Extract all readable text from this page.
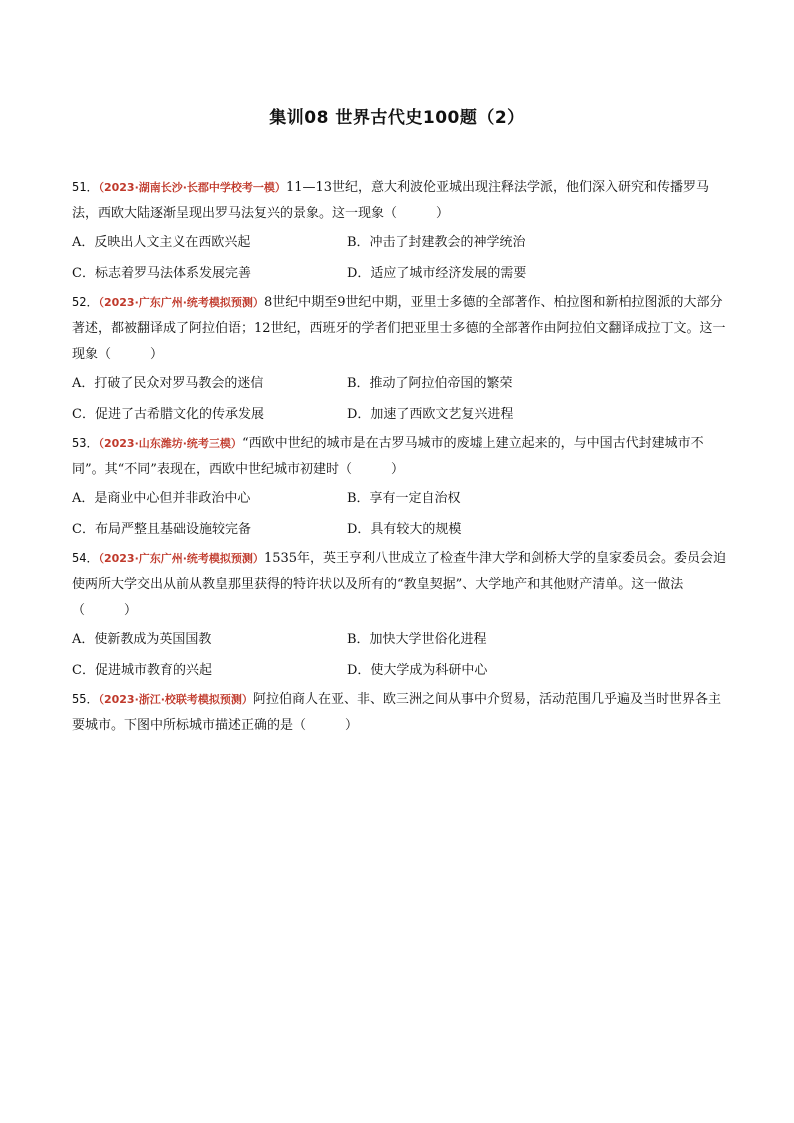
集训08 世界古代史100题（2）
51．（2023·湖南长沙·长郡中学校考一模）11—13世纪，意大利波伦亚城出现注释法学派，他们深入研究和传播罗马法，西欧大陆逐渐呈现出罗马法复兴的景象。这一现象（　　　）
A．反映出人文主义在西欧兴起	B．冲击了封建教会的神学统治
C．标志着罗马法体系发展完善	D．适应了城市经济发展的需要
52．（2023·广东广州·统考模拟预测）8世纪中期至9世纪中期，亚里士多德的全部著作、柏拉图和新柏拉图派的大部分著述，都被翻译成了阿拉伯语；12世纪，西班牙的学者们把亚里士多德的全部著作由阿拉伯文翻译成拉丁文。这一现象（　　　）
A．打破了民众对罗马教会的迷信	B．推动了阿拉伯帝国的繁荣
C．促进了古希腊文化的传承发展	D．加速了西欧文艺复兴进程
53．（2023·山东潍坊·统考三模）“西欧中世纪的城市是在古罗马城市的废墟上建立起来的，与中国古代封建城市不同”。其“不同”表现在，西欧中世纪城市初建时（　　　）
A．是商业中心但并非政治中心	B．享有一定自治权
C．布局严整且基础设施较完备	D．具有较大的规模
54．（2023·广东广州·统考模拟预测）1535年，英王亨利八世成立了检查牛津大学和剑桥大学的皇家委员会。委员会迫使两所大学交出从前从教皇那里获得的特许状以及所有的“教皇契据”、大学地产和其他财产清单。这一做法（　　　）
A．使新教成为英国国教	B．加快大学世俗化进程
C．促进城市教育的兴起	D．使大学成为科研中心
55．（2023·浙江·校联考模拟预测）阿拉伯商人在亚、非、欧三洲之间从事中介贸易，活动范围几乎遍及当时世界各主要城市。下图中所标城市描述正确的是（　　　）
